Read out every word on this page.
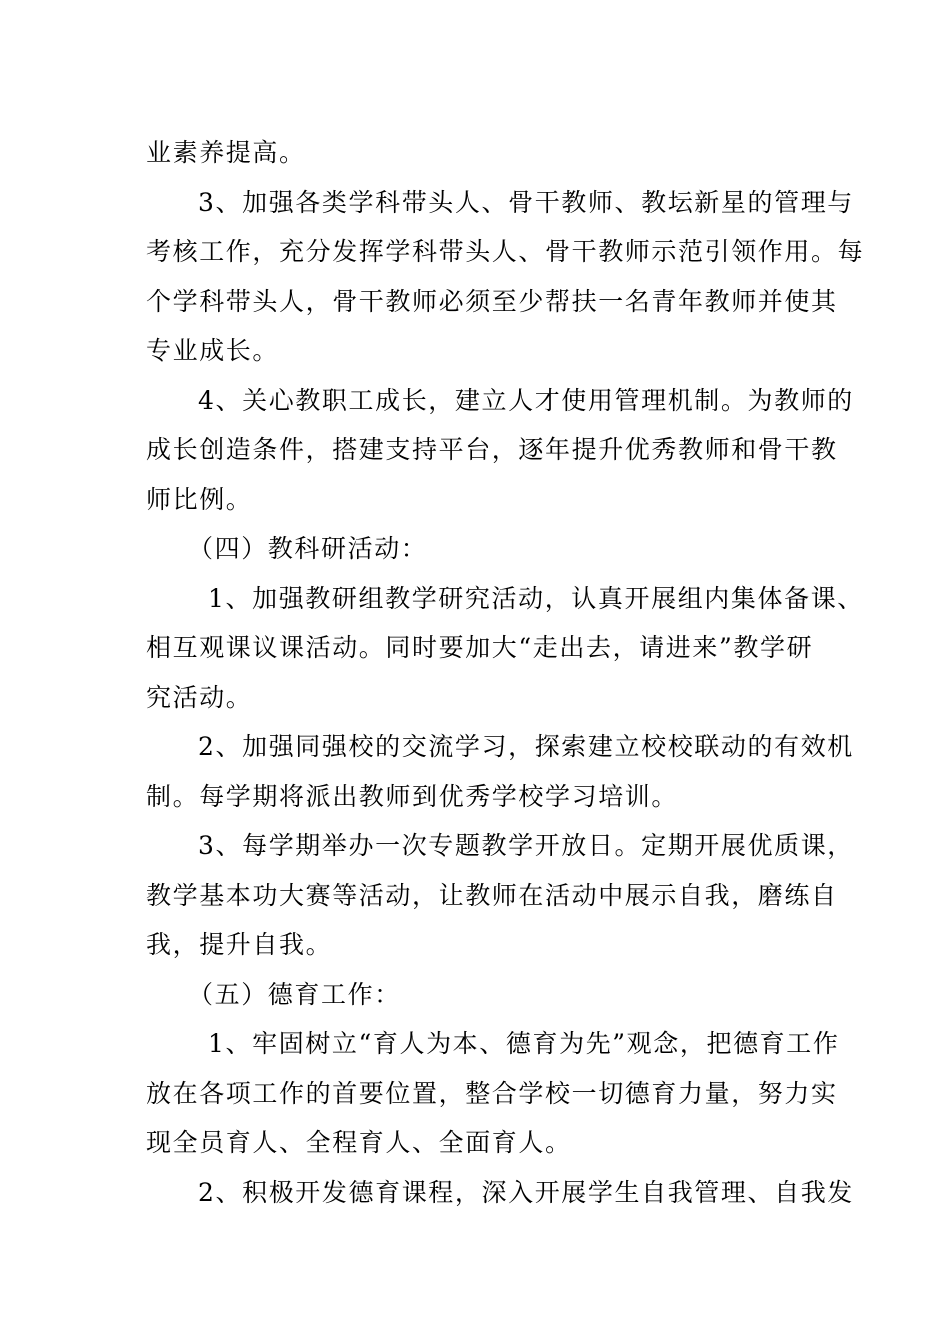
业素养提高。
3、加强各类学科带头人、骨干教师、教坛新星的管理与
考核工作，充分发挥学科带头人、骨干教师示范引领作用。每
个学科带头人，骨干教师必须至少帮扶一名青年教师并使其
专业成长。
4、关心教职工成长，建立人才使用管理机制。为教师的
成长创造条件，搭建支持平台，逐年提升优秀教师和骨干教
师比例。
（四）教科研活动：
1、加强教研组教学研究活动，认真开展组内集体备课、
相互观课议课活动。同时要加大“走出去，请进来”教学研
究活动。
2、加强同强校的交流学习，探索建立校校联动的有效机
制。每学期将派出教师到优秀学校学习培训。
3、每学期举办一次专题教学开放日。定期开展优质课，
教学基本功大赛等活动，让教师在活动中展示自我，磨练自
我，提升自我。
（五）德育工作：
1、牢固树立“育人为本、德育为先”观念，把德育工作
放在各项工作的首要位置，整合学校一切德育力量，努力实
现全员育人、全程育人、全面育人。
2、积极开发德育课程，深入开展学生自我管理、自我发
